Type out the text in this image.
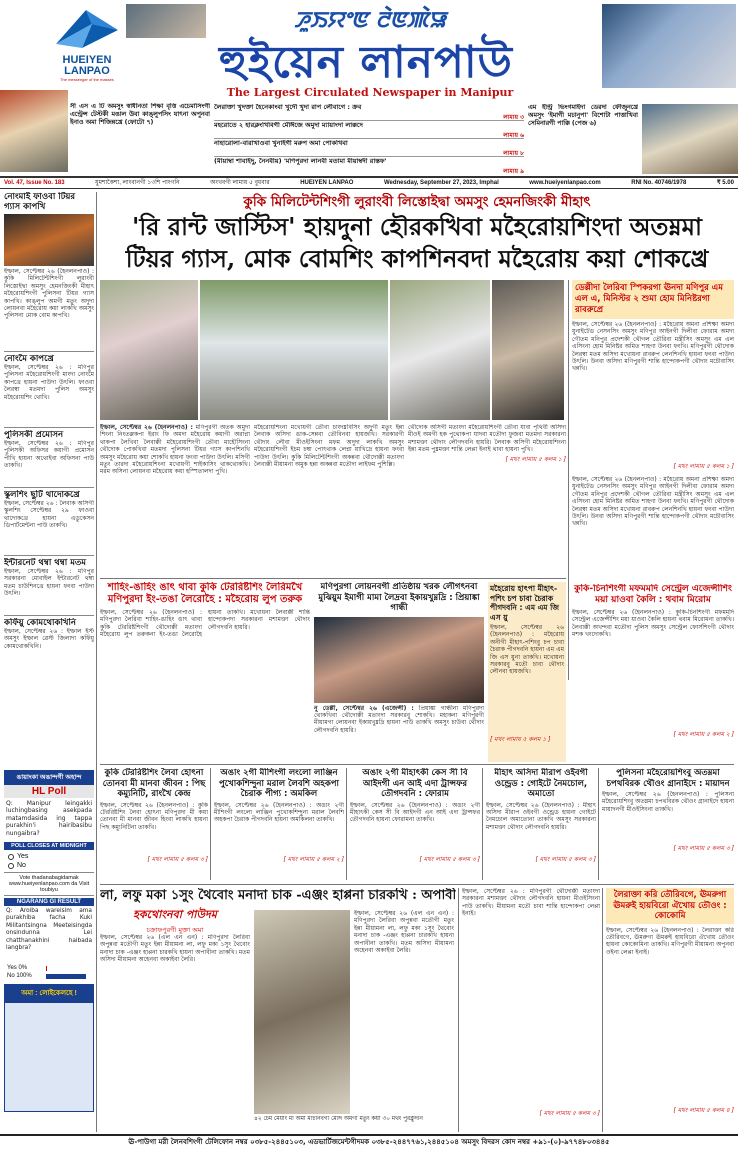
HUEIYEN
LANPAO
The messenger of the masses
ꯍꯨꯏꯌꯦꯟ ꯂꯥꯟꯄꯥꯎ
হুইয়েন লানপাউ
The Largest Circulated Newspaper in Manipur
সী এস এ টি অমসুং স্বাধীনতা শিক্ষা বৃত্তি এচেমাসিংগী এন্ট্রেন্স টেস্টকী মঙাল উবা কাঙ্লুপসিং যাৎনা অপুনবা ইনাও অমা শিজিন্নখ্রে (ফোটো ৭)
এম ইন্ট্রি ভিংগমাইদা ডেরদা ফৌজুনখ্রে অমসুং 'ইমাগী মচানুপা' বিশোটা পাত্তাখিবা সেমিনারগী পাক্কি (পেজ ৬)
লৈরাক্তা খুদক্তা হৈনেকাংবা খুদৌ খুদা রাপ লৌবাগে : ক্রব
লামায় ৩
মহরোতে ২ হারক্লংখিবিগী মৌঈজে অমুদা ম্যায়াংদা লাক্কদে
লামায় ৬
নাহারোলা-বারাখাওবা খুনাইগী মরুপ অমা পোকখিবা
লামায় ৮
(মীয়াম্বা শাবাইদু, নৈনবীয়) 'মণিপুরদা লানবী মতামা মীয়াম্বদী রাস্তফ'
লামায় ৯
Vol. 47, Issue No. 183	যুমশাকৈশা, লাংবানগী ১৩শি পাংগনি	অংখবগী লামায় ৫ বুধবার	HUEIYEN LANPAO	Wednesday, September 27, 2023, Imphal	www.hueiyenlanpao.com	RNI No. 40746/1978	₹ 5.00
নোংমাই ফাওবা টিয়র গ্যাস কাপখি
ইম্ফাল, সেপ্টেম্বর ২৬ (হৈনলনপাও) : কুকি মিলিটেন্টশিংগী লুরাংবী লিস্তোইদ্বা অমসুং হেমনজিংকী মীহাৎ মহৈরোয়শিংগী পুলিসনা টিয়র গ্যাস কাপখি। কাঙ্লুপ অমগী মতুং অদুদা লোয়নবা মহৈরোয় কয়া লাকখি অমসুং পুলিসনা মোক বোম কাপখি।
নোংমৈ কাপখ্রে
ইম্ফাল, সেপ্টেম্বর ২৬ : মণিপুর পুলিসনা মহৈরোয়শিংগী মাংদা নোংমৈ কাপখ্রে হায়না পাউদা উৎলি। ফাওবা লৈরম্বা মতমদা পুলিস অমসুং মহৈরোয়শিং থোখি।
পুলিসকী প্রমোসন
ইম্ফাল, সেপ্টেম্বর ২৬ : মণিপুর পুলিসকী অফিসর কয়াগী প্রমোসন পীখি হায়না অথোইবা অফিসনা পাউ তাকখি।
স্কুলশিং ছুটি থাদোকখ্রে
ইম্ফাল, সেপ্টেম্বর ২৬ : লৈবাক অসিগী স্কুলশিং সেপ্টেম্বর ২৯ ফাওবা থাদোকখ্রে হায়না এডুকেসন ডিপার্টমেন্টনা পাউ তাকখি।
ইন্টারনেট থম্বা থম্বা মতম
ইম্ফাল, সেপ্টেম্বর ২৬ : মণিপুর সরকারনা মোবাইল ইন্টারনেট থম্বা মতম চাউশিনখ্রে হায়না ফংবা পাউদা উৎলি।
কর্ফিয়ু কোমথোকখিনি
ইম্ফাল, সেপ্টেম্বর ২৬ : ইম্ফাল ইস্ট অমসুং ইম্ফাল ৱেস্ট জিলাদা কর্ফিয়ু কোমথোকখিনি।
ঙায়াংকা অঙান্দগী অহান্দ
HL Poll
Q: Manipur leingakki luchingbasing asekpada matamdasida ing tappa purakhin'i hairibasibu nungaibra?
POLL CLOSES AT MIDNIGHT
Yes
No
Vote thadanabagidamak www.hueiyenlanpao.com da Visit toubiyu
NGARANG GI RESULT
Q: Aroiba wareisim ama purakhiba facha Kuki Militantsingna Meeteisingda onsindunna Lei chatthanakhini haibada langbra?
Yes 0%
No 100%
অমা : লোইকেলহে !
কুকি মিলিটেন্টশিংগী লুরাংবী লিস্তোইদ্বা অমসুং হেমনজিংকী মীহাৎ
'রি রান্ট জাস্টিস' হায়দুনা হৌরকখিবা মহৈরোয়শিংদা অতম্নমা
টিয়র গ্যাস, মোক বোমশিং কাপশিনবদা মহৈরোয় কয়া শোকখ্রে
ইম্ফাল, সেপ্টেম্বর ২৬ (হৈনলনপাও) : মণিপুরগী অতক অমুদা শিংনা নিংতম্লকপা ইরাং ফি অমদা মহৈরোয় কয়াগী অরাপ্না থাকপা লৈখিবা লৈবাক্কী মহৈরোয়শিংগী তৌবা মাহৌসিংনা থৌদোক পোকখিবা মতমদা পুলিসনা টিয়র গ্যাস কাপশিনখি অমসুং মহৈরোয় কয়া শোকখি হায়না ফংবা পাউদা উৎলি। মসিগী মতুং তারদা মহৈরোয়শিংনা মখোয়গী শাইকাসিং থাকথোকখি। মরম অসিনা লোয়নবা মহৈরোয় কয়া হস্পিতালদা পুখি।
মহৈরোয়শিংনা মখোয়গী তৌবা চাংদম্নবিসিং অদুগী মতুং ইন্না লৈবাক অসিদা ঙাক-সেন্নবা তৌবিনবা হায়জখি। সরকারগী থৌদাং লৌবা মীওইসিংনা মফম অদুদা লাকখি অমসুং মহৈরোয়শিংগী ইচম চম্বা পোৎথাক লেপ্না য়াখিদ্রে হায়না ফংবা পাউদা উৎলি। কুকি মিলিটেন্টশিংগী অকন্নবা থৌদোক্কী মতাংদা লৈবাক্কী মীয়ামনা অমুক হন্না অকন্নবা মতৌদা লাইফম পুশিল্লি।
থৌদোক অসিগী মতাংদা মহৈরোয়শিংগী তৌবা যাবা পৃথিবী অসিদা মীওই অমগী হক পুথোকপা যাদবা মতৌদা ফুজবা মতমদা সরকারনা মশামক্তা থৌদাং লৌগদবনি হায়রি। লৈবাক অসিগী মহৈরোয়শিংনা ইন্না মতম পুম্নমক্তা শান্তি লেপ্পা ইনাই থাবা হায়না পুখি।
[ মথং লামায় ৫ কলম ১ ]
ডেল্লীদা লৈরিবা স্পিকরগা ঊনদা মণিপুর এম এল এ, মিনিস্টর ২ শুমা হোম মিনিষ্টরগা রাবরুপ্রে
ইম্ফাল, সেপ্টেম্বর ২৬ (হৈনলনপাও) : মহৈরোয় অমনা প্রশিক্ষা অমদা যুনাইটেড নেসনসিং অমসুং মণিপুর আইনগী দিলীবা ফোরাম অমদা গৌতম মনিপুর প্রদেশকী থৌগল তৌরিবা মন্ত্রীসিং অমসুং এম এল এসিংনা হোম মিনিষ্টর অমিত শাহগা উনবা ফংখি। মণিপুরগী থৌদোক লৈরম্বা মতম অসিদা মখোয়না রাবরুপ লেনশিনখি হায়না ফংবা পাউদা উৎলি। উনবা অসিদা মণিপুরগী শান্তি হান্দোকপগী থৌদাং মচৌবাসিং খন্নখি।
[ মথং লামায় ৫ কলম ১ ]
ইম্ফাল, সেপ্টেম্বর ২৬ (হৈনলনপাও) : মহৈরোয় অমনা প্রশিক্ষা অমদা যুনাইটেড নেসনসিং অমসুং মণিপুর আইনগী দিলীবা ফোরাম অমদা গৌতম মনিপুর প্রদেশকী থৌগল তৌরিবা মন্ত্রীসিং অমসুং এম এল এসিংনা হোম মিনিষ্টর অমিত শাহগা উনবা ফংখি। মণিপুরগী থৌদোক লৈরম্বা মতম অসিদা মখোয়না রাবরুপ লেনশিনখি হায়না ফংবা পাউদা উৎলি। উনবা অসিদা মণিপুরগী শান্তি হান্দোকপগী থৌদাং মচৌবাসিং খন্নখি।
শাহিং-ঙাহিং ঙাৎ থাবা কুকি টেররিষ্টশিং লৈরিমখৈ মণিপুরদা ইং-তঙা লৈরোহৈ : মহৈরোয় লুপ তরুক
ইম্ফাল, সেপ্টেম্বর ২৬ (হৈনলনপাও) : মণিপুরদা লৈরিবা শাহিং-ঙাহিং ঙাৎ থাবা কুকি টেররিষ্টশিংগী থৌদোক্কী মতাংদা মহৈরোয় লুপ তরুকনা ইং-তঙা লৈরোহৈ হায়না তাকখি। মখোয়না লৈবাক্কী শান্তি হান্দোকপদা সরকারনা মশামক্তা থৌদাং লৌগদবনি হায়রি।
মণিপুরগা লোয়নবগী প্রতিষ্ঠায় খরক লৌগৎনবা মুঝিয়ুম ইমাগী মামা লৈদ্রবা ইকায়খুম্নদ্রি : প্রিয়াঙ্কা গান্ধী
নু ডেল্লী, সেপ্টেম্বর ২৬ (এজেন্সী) : প্রিয়াঙ্কা গান্ধীনা মণিপুরদা থোকখিবা থৌদোক্কী মতাংদা সরকারবু শোকখি। মহাকনা মণিপুরগী মীয়ামগা লোয়নবা ইকায়খুম্নদ্রি হায়না পাউ তাকখি অমসুং চাউবা থৌদাং লৌগদবনি হায়রি।
মহৈরোয় হাৎপা মীহাৎ-পশিং চপ চাবা চৈরাক পীগদবনি : এম এম জি এস য়ু
ইম্ফাল, সেপ্টেম্বর ২৬ (হৈনলনপাও) : মহৈরোয় অনীগী মীহাৎ-পশিংবু চপ চাবা চৈরাক পীগদবনি হায়না এম এম জি এস য়ুনা তাকখি। মখোয়না সরকারবু মতৌ চাবা থৌদাং লৌনবা হায়জখি।
[ মথং লামায় ৫ কলম ১ ]
কুকি-চিনশিংগী মফমমদি সেন্ট্রেল এজেন্সীশিং ময়া য়াওবা কৈলি : থবাম মিরোম
ইম্ফাল, সেপ্টেম্বর ২৬ (হৈনলনপাও) : কুকি-চিনশিংগী মফমমদি সেন্ট্রেল এজেন্সীশিং ময়া য়াওবা কৈলি হায়না থবাম মিরোমনা তাকখি। লৈবাক্কী অখন্দবা মতৌদা পুলিস অমসুং সেন্ট্রেল ফোর্সশিংগী থৌদাং মশক খংদোকখি।
[ মথং লামায় ৫ কলম ২ ]
কুকি টেররিষ্টশিং লৈবা হোৎনা তোনবা মী মানবা জীবন : পিছ কম্যুনিটি, রাংখৈ কেন্দ্র
ইম্ফাল, সেপ্টেম্বর ২৬ (হৈনলনপাও) : কুকি টেররিষ্টশিং লৈবা হোৎনা মণিপুরদা মী কয়া তোনবা মী মানবা জীবন হিংবা লাকখি হায়না পিছ কম্যুনিটিনা তাকখি।
[ মথং লামায় ৫ কলম ৩ ]
অঙাং ২গী মীশিংগী লংলো লাঞ্জিন পুখোকশিন্দুনা মরাল লৈবশি অহকপা চৈরাক পীগ্য : অমকিল
ইম্ফাল, সেপ্টেম্বর ২৬ (হৈনলনপাও) : অঙাং ২গী মীশিংগী লংলো লাঞ্জিন পুখোকশিন্দুনা মরাল লৈবশি অহকপা চৈরাক পীগদবনি হায়না অমকিলনা তাকখি।
[ মথং লামায় ৫ কলম ২ ]
অঙাং ২গী মীহাৎকী কেস সী বি আইদগী এন আই এদা ট্রান্সফর তৌগদবনি : ফোরাম
ইম্ফাল, সেপ্টেম্বর ২৬ (হৈনলনপাও) : অঙাং ২গী মীহাৎকী কেস সী বি আইদগী এন আই এদা ট্রান্সফর তৌগদবনি হায়না ফোরামনা তাকখি।
[ মথং লামায় ৫ কলম ৩ ]
মীহাৎ অসিদা মীরাপ ওইবগী ওন্ড্রেড : গোইটে নৈমচোল, অমাতো
ইম্ফাল, সেপ্টেম্বর ২৬ (হৈনলনপাও) : মীহাৎ অসিদা মীরাপ ওইবগী ওন্ড্রেড হায়না গোইটে নৈমচোল অমাতোনা তাকখি অমসুং সরকারনা মশামক্তা থৌদাং লৌগদবনি হায়রি।
[ মথং লামায় ৫ কলম ৩ ]
পুলিসনা মহৈরোয়শিংবু অতম্নমা চপথবিরক থৌওং গ্রানাইদে : মায়াদন
ইম্ফাল, সেপ্টেম্বর ২৬ (হৈনলনপাও) : পুলিসনা মহৈরোয়শিংবু অতম্নমা চপথবিরক থৌওং গ্রানাইদে হায়না মায়াদনগী মীওইসিংনা তাকখি।
[ মথং লামায় ৫ কলম ৩ ]
লা, লফু মকা ১সুং থৈবোং মনাদা চাক -এঞ্জং হাপ্পনা চারকখি : অপাবী
হকথোংনবা পাউদম
চক্রাফপুরগী মুক্তা অমা
ইম্ফাল, সেপ্টেম্বর ২৬ (এল এন এন) : মণিপুরদা লৈরিবা অপুন্নবা মতৌগী মতুং ইন্না মীয়ামনা লা, লফু মকা ১সুং থৈবোং মনাদা চাক -এঞ্জং হাপ্পনা চারকখি হায়না অপাবীনা তাকখি। মতম অসিদা মীয়ামনা অহেনবা অকাইবা লৈরি।
৪২ চেম মৈয়াং মী অমা মীচানবগী মৌঈ অমগী মতুং কয়া ৩০ মথং পুরক্লুদনি
ইম্ফাল, সেপ্টেম্বর ২৬ (এল এন এন) : মণিপুরদা লৈরিবা অপুন্নবা মতৌগী মতুং ইন্না মীয়ামনা লা, লফু মকা ১সুং থৈবোং মনাদা চাক -এঞ্জং হাপ্পনা চারকখি হায়না অপাবীনা তাকখি। মতম অসিদা মীয়ামনা অহেনবা অকাইবা লৈরি।
ইম্ফাল, সেপ্টেম্বর ২৬ : মণিপুরগী থৌদোক্কী মতাংদা সরকারনা মশামক্তা থৌদাং লৌগদবনি হায়না মীওইসিংনা পাউ তাকখি। মীয়ামনা মতৌ চাবা শান্তি হান্দোকপা লেপ্পা ইনাই।
[ মথং লামায় ৫ কলম ৩ ]
লৈরাক্তা করি তৌরিবগে, ঊমরুগা ঊমরুই হায়বিরো ঐখোয় তৌওং : কোকোমি
ইম্ফাল, সেপ্টেম্বর ২৬ (হৈনলনপাও) : লৈরাক্তা করি তৌরিবগে, ঊমরুগা ঊমরুই হায়বিরো ঐখোয় তৌওং হায়না কোকোমিনা তাকখি। মণিপুরগী মীয়ামনা অপুনবা ওইনা লেপ্পা ইনাই।
[ মথং লামায় ৫ কলম ৪ ]
ঊ-পাউগা মরী লৈনবশিংগী টেলিফোন নম্বর ০৩৮৫-২৪৪৫১০৩, এডভার্টিজমেন্টগীদমক ০৩৮৫-২৪৪৭৭৬১,২৪৪৫১০৪ অমসুং বিদরস কোদ নম্বর +৯১-(০)-৯৭৭৪৮০৩৪৪৫
